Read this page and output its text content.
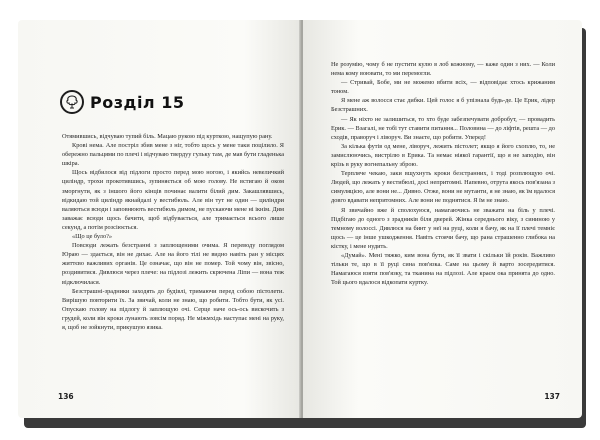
Розділ 15

Отямившись, відчуваю тупий біль. Мацаю рукою під курткою, нащупую рану.

Крові нема. Але постріл збив мене з ніг, тобто щось у мене таки поцілило. Я обережно пальцями по плечі і відчуваю твердуу гульку там, де мав бути гладенька шкіра.

Щось відбилося від підлоги просто перед мою ногою, і якийсь невеличкий циліндр, трохи прокотившись, зупиняється об мою голову. Не встигаю й оком зморгнути, як з іншого його кінців починає валити білий дим. Закашлявшись, відкидаю той циліндр якнайдалі у вестибюль. Але він тут не один — циліндри валяються всюди і заповнюють вестибюль димом, не пускаючи мене ні ікнім. Дим заважає всюди щось бачити, щоб відбувається, але тримається всього лише секунд, а потім розсіюється.

«Що це було?»

Повсюди лежать безстранні з заплющеними очима. Я переводу поглядом Юраю — здається, він не дихає. Але на його тілі не видно навіть ран у місцях життєво важливих органів. Це означає, що він не помер. Той чому він, звісно, роздивитися. Дивлюся через плече: на підлозі лежить скрючена Ліпи — вона теж відключилася.

Безстрашні-зрадники заходять до будівлі, тримаючи перед собою пістолети. Вирішую повторити їх. За звичай, коли не знаю, що робити. Тобто бути, як усі. Опускаю голову на підлогу й заплющую очі. Серце наче ось-ось вискочить з грудей, коли він кроки лунають зовсім поряд. Не міжмхідь наступає мені на руку, я, щоб не зойкнути, прикушую язика.

136

Не розумію, чому б не пустити кулю в лоб кожному, — каже один з них. — Коли нема кому воювати, то ми перемогли.

— Стривай, Бобе, ми не можемо вбити всіх, — відповідає хтось крижаним тоном.

Я мене аж волосся стає дибки. Цей голос я б упізнала будь-де. Це Ерик, лідер Безстрашних.

— Як ніхто не залишиться, то хто буде забезпечувати добробут, — провадить Ерик. — Взагалі, не тобі тут ставити питання... Половина — до ліфтів, решта — до сходів, праворуч і ліворуч. Ви знаєте, що робити. Уперед!

За кілька футів од мене, ліворуч, лежить пістолет; якщо я його схоплю, то, не замислюючись, вистрілю в Ерика. Та немає ніякої гарантії, що я не заподію, він крізь в руку вогнепальну зброю.

Терпляче чекаю, заки вщухнуть кроки безстранних, і тоді розплющую очі. Людей, що лежать у вестибюлі, досі непритомні. Напевно, отрута якось пов'язана з симуляцією, але вони не... Дивно. Отже, вони не мутанти, я не знаю, як їм вдалося довго вдавати непритомних. Але вони не поднятися. Я їм не знаю.

Я звичайно вже й сполохуюся, намагаючись не зважати на біль у плечі. Підбігаю до одного з зрадників біля дверей. Жінка середнього віку, з сининою у темному волоссі. Дивлюся на бинт у неї на руці, коли я бачу, як на її плечі темніє щось — це інше ушкодження. Навіть стоячи бачу, що рана страшенно глибока на кістку, і мене нудить.

«Думай». Мені тяжко, ким вона бути, як її звати і скільки їй років. Важливо тільки те, що в її руці сина пов'язка. Саме на цьому й варто зосередитися. Намагаюся взяти пов'язку, та тканина на підлозі. Але краєм ока принята до одно. Той цього вдалося відкопати куртку.

137
